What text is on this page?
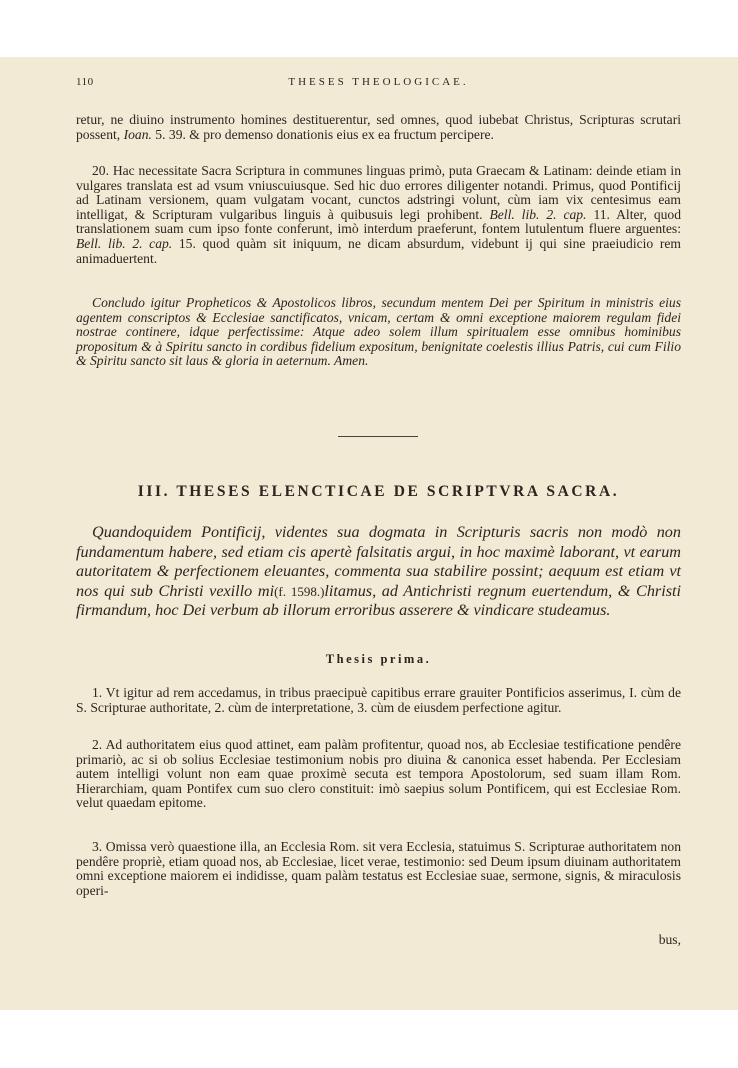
110	THESES THEOLOGICAE.

retur, ne diuino instrumento homines destituerentur, sed omnes, quod iubebat Christus, Scripturas scrutari possent, Ioan. 5. 39. & pro demenso donationis eius ex ea fructum percipere.

20. Hac necessitate Sacra Scriptura in communes linguas primò, puta Graecam & Latinam: deinde etiam in vulgares translata est ad vsum vniuscuiusque. Sed hic duo errores diligenter notandi. Primus, quod Pontificij ad Latinam versionem, quam vulgatam vocant, cunctos adstringi volunt, cùm iam vix centesimus eam intelligat, & Scripturam vulgaribus linguis à quibusuis legi prohibent. Bell. lib. 2. cap. 11. Alter, quod translationem suam cum ipso fonte conferunt, imò interdum praeferunt, fontem lutulentum fluere arguentes: Bell. lib. 2. cap. 15. quod quàm sit iniquum, ne dicam absurdum, videbunt ij qui sine praeiudicio rem animaduertent.

Concludo igitur Propheticos & Apostolicos libros, secundum mentem Dei per Spiritum in ministris eius agentem conscriptos & Ecclesiae sanctificatos, vnicam, certam & omni exceptione maiorem regulam fidei nostrae continere, idque perfectissime: Atque adeo solem illum spiritualem esse omnibus hominibus propositum & à Spiritu sancto in cordibus fidelium expositum, benignitate coelestis illius Patris, cui cum Filio & Spiritu sancto sit laus & gloria in aeternum. Amen.

III. THESES ELENCTICAE DE SCRIPTVRA SACRA.

Quandoquidem Pontificij, videntes sua dogmata in Scripturis sacris non modò non fundamentum habere, sed etiam cis apertè falsitatis argui, in hoc maximè laborant, vt earum autoritatem & perfectionem eleuantes, commenta sua stabilire possint; aequum est etiam vt nos qui sub Christi vexillo mi(f. 1598.)litamus, ad Antichristi regnum euertendum, & Christi firmandum, hoc Dei verbum ab illorum erroribus asserere & vindicare studeamus.

Thesis prima.

1. Vt igitur ad rem accedamus, in tribus praecipuè capitibus errare grauiter Pontificios asserimus, I. cùm de S. Scripturae authoritate, 2. cùm de interpretatione, 3. cùm de eiusdem perfectione agitur.

2. Ad authoritatem eius quod attinet, eam palàm profitentur, quoad nos, ab Ecclesiae testificatione pendêre primariò, ac si ob solius Ecclesiae testimonium nobis pro diuina & canonica esset habenda. Per Ecclesiam autem intelligi volunt non eam quae proximè secuta est tempora Apostolorum, sed suam illam Rom. Hierarchiam, quam Pontifex cum suo clero constituit: imò saepius solum Pontificem, qui est Ecclesiae Rom. velut quaedam epitome.

3. Omissa verò quaestione illa, an Ecclesia Rom. sit vera Ecclesia, statuimus S. Scripturae authoritatem non pendêre propriè, etiam quoad nos, ab Ecclesiae, licet verae, testimonio: sed Deum ipsum diuinam authoritatem omni exceptione maiorem ei indidisse, quam palàm testatus est Ecclesiae suae, sermone, signis, & miraculosis operi-

bus,
